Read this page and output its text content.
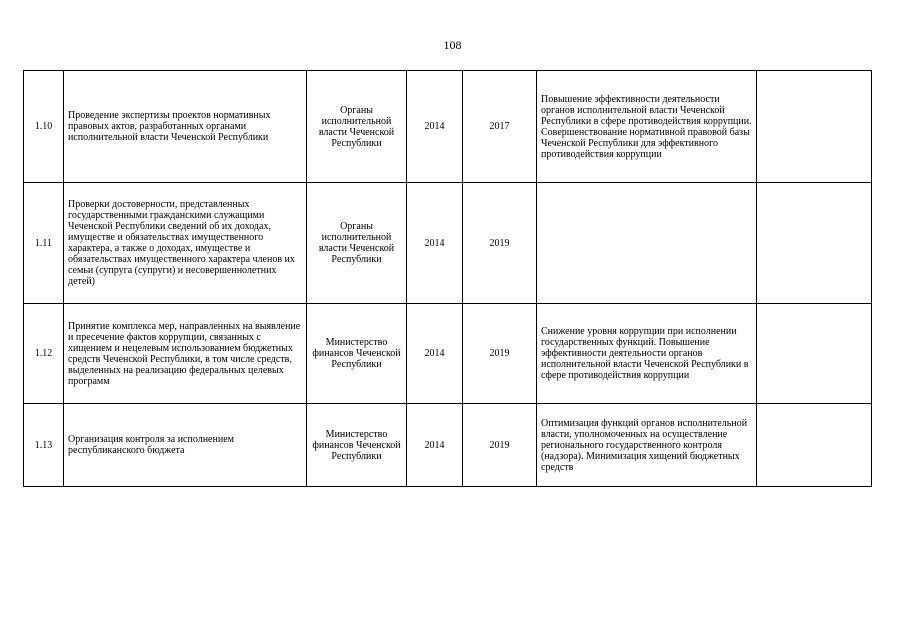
108
1.10	Проведение экспертизы проектов нормативных правовых актов, разработанных органами исполнительной власти Чеченской Республики	Органы исполнительной власти Чеченской Республики	2014	2017	Повышение эффективности деятельности органов исполнительной власти Чеченской Республики в сфере противодействия коррупции. Совершенствование нормативной правовой базы Чеченской Республики для эффективного противодействия коррупции	
1.11	Проверки достоверности, представленных государственными гражданскими служащими Чеченской Республики сведений об их доходах, имуществе и обязательствах имущественного характера, а также о доходах, имуществе и обязательствах имущественного характера членов их семьи (супруга (супруги) и несовершеннолетних детей)	Органы исполнительной власти Чеченской Республики	2014	2019		
1.12	Принятие комплекса мер, направленных на выявление и пресечение фактов коррупции, связанных с хищением и нецелевым использованием бюджетных средств Чеченской Республики, в том числе средств, выделенных на реализацию федеральных целевых программ	Министерство финансов Чеченской Республики	2014	2019	Снижение уровня коррупции при исполнении государственных функций. Повышение эффективности деятельности органов исполнительной власти Чеченской Республики в сфере противодействия коррупции	
1.13	Организация контроля за исполнением республиканского бюджета	Министерство финансов Чеченской Республики	2014	2019	Оптимизация функций органов исполнительной власти, уполномоченных на осуществление регионального государственного контроля (надзора). Минимизация хищений бюджетных средств	
